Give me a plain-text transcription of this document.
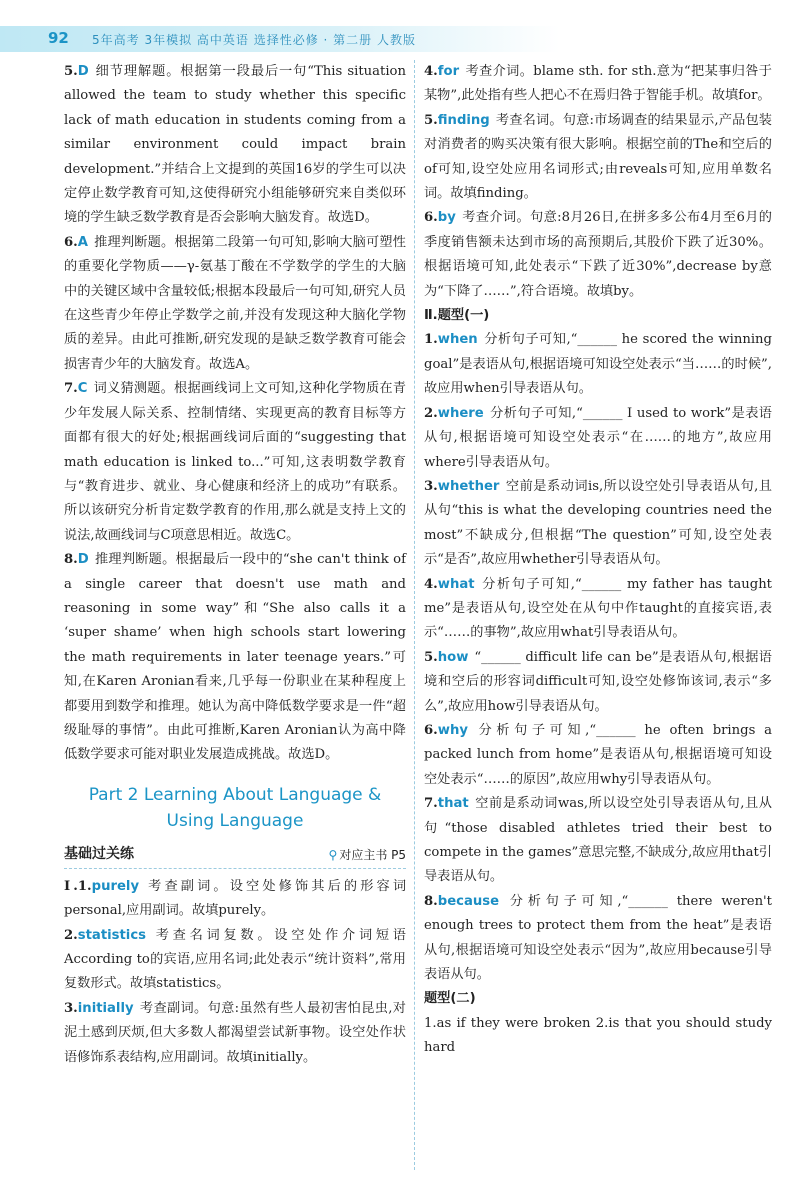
92 5年高考 3年模拟 高中英语 选择性必修 · 第二册 人教版

5.D 细节理解题。根据第一段最后一句“This situation allowed the team to study whether this specific lack of math education in students coming from a similar environment could impact brain development.”并结合上文提到的英国16岁的学生可以决定停止数学教育可知,这使得研究小组能够研究来自类似环境的学生缺乏数学教育是否会影响大脑发育。故选D。

6.A 推理判断题。根据第二段第一句可知,影响大脑可塑性的重要化学物质——γ-氨基丁酸在不学数学的学生的大脑中的关键区域中含量较低;根据本段最后一句可知,研究人员在这些青少年停止学数学之前,并没有发现这种大脑化学物质的差异。由此可推断,研究发现的是缺乏数学教育可能会损害青少年的大脑发育。故选A。

7.C 词义猜测题。根据画线词上文可知,这种化学物质在青少年发展人际关系、控制情绪、实现更高的教育目标等方面都有很大的好处;根据画线词后面的“suggesting that math education is linked to...”可知,这表明数学教育与“教育进步、就业、身心健康和经济上的成功”有联系。所以该研究分析肯定数学教育的作用,那么就是支持上文的说法,故画线词与C项意思相近。故选C。

8.D 推理判断题。根据最后一段中的“she can't think of a single career that doesn't use math and reasoning in some way”和“She also calls it a ‘super shame’ when high schools start lowering the math requirements in later teenage years.”可知,在Karen Aronian看来,几乎每一份职业在某种程度上都要用到数学和推理。她认为高中降低数学要求是一件“超级耻辱的事情”。由此可推断,Karen Aronian认为高中降低数学要求可能对职业发展造成挑战。故选D。

Part 2 Learning About Language &
Using Language
基础过关练	⚲ 对应主书 P5

Ⅰ.1.purely 考查副词。设空处修饰其后的形容词personal,应用副词。故填purely。

2.statistics 考查名词复数。设空处作介词短语According to的宾语,应用名词;此处表示“统计资料”,常用复数形式。故填statistics。

3.initially 考查副词。句意:虽然有些人最初害怕昆虫,对泥土感到厌烦,但大多数人都渴望尝试新事物。设空处作状语修饰系表结构,应用副词。故填initially。

4.for 考查介词。blame sth. for sth.意为“把某事归咎于某物”,此处指有些人把心不在焉归咎于智能手机。故填for。

5.finding 考查名词。句意:市场调查的结果显示,产品包装对消费者的购买决策有很大影响。根据空前的The和空后的of可知,设空处应用名词形式;由reveals可知,应用单数名词。故填finding。

6.by 考查介词。句意:8月26日,在拼多多公布4月至6月的季度销售额未达到市场的高预期后,其股价下跌了近30%。根据语境可知,此处表示“下跌了近30%”,decrease by意为“下降了……”,符合语境。故填by。

Ⅱ.题型(一)

1.when 分析句子可知,“______ he scored the winning goal”是表语从句,根据语境可知设空处表示“当……的时候”,故应用when引导表语从句。

2.where 分析句子可知,“______ I used to work”是表语从句,根据语境可知设空处表示“在……的地方”,故应用where引导表语从句。

3.whether 空前是系动词is,所以设空处引导表语从句,且从句“this is what the developing countries need the most”不缺成分,但根据“The question”可知,设空处表示“是否”,故应用whether引导表语从句。

4.what 分析句子可知,“______ my father has taught me”是表语从句,设空处在从句中作taught的直接宾语,表示“……的事物”,故应用what引导表语从句。

5.how “______ difficult life can be”是表语从句,根据语境和空后的形容词difficult可知,设空处修饰该词,表示“多么”,故应用how引导表语从句。

6.why 分析句子可知,“______ he often brings a packed lunch from home”是表语从句,根据语境可知设空处表示“……的原因”,故应用why引导表语从句。

7.that 空前是系动词was,所以设空处引导表语从句,且从句“those disabled athletes tried their best to compete in the games”意思完整,不缺成分,故应用that引导表语从句。

8.because 分析句子可知,“______ there weren't enough trees to protect them from the heat”是表语从句,根据语境可知设空处表示“因为”,故应用because引导表语从句。

题型(二)

1.as if they were broken 2.is that you should study hard
